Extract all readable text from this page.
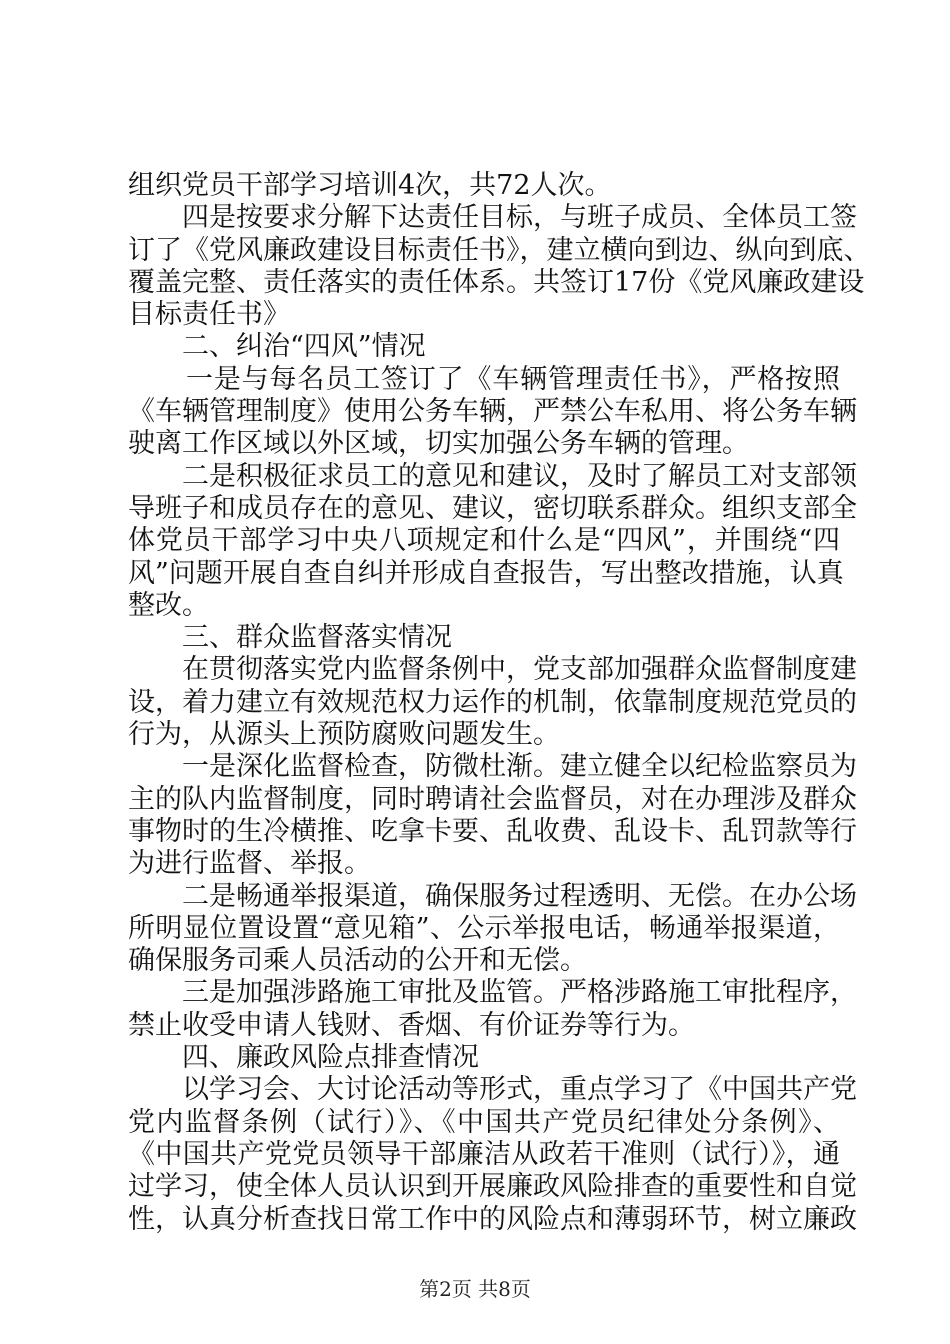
组织党员干部学习培训4次，共72人次。
四是按要求分解下达责任目标，与班子成员、全体员工签
订了《党风廉政建设目标责任书》，建立横向到边、纵向到底、
覆盖完整、责任落实的责任体系。共签订17份《党风廉政建设
目标责任书》
二、纠治“四风”情况
一是与每名员工签订了《车辆管理责任书》，严格按照
《车辆管理制度》使用公务车辆，严禁公车私用、将公务车辆
驶离工作区域以外区域，切实加强公务车辆的管理。
二是积极征求员工的意见和建议，及时了解员工对支部领
导班子和成员存在的意见、建议，密切联系群众。组织支部全
体党员干部学习中央八项规定和什么是“四风”，并围绕“四
风”问题开展自查自纠并形成自查报告，写出整改措施，认真
整改。
三、群众监督落实情况
在贯彻落实党内监督条例中，党支部加强群众监督制度建
设，着力建立有效规范权力运作的机制，依靠制度规范党员的
行为，从源头上预防腐败问题发生。
一是深化监督检查，防微杜渐。建立健全以纪检监察员为
主的队内监督制度，同时聘请社会监督员，对在办理涉及群众
事物时的生冷横推、吃拿卡要、乱收费、乱设卡、乱罚款等行
为进行监督、举报。
二是畅通举报渠道，确保服务过程透明、无偿。在办公场
所明显位置设置“意见箱”、公示举报电话，畅通举报渠道，
确保服务司乘人员活动的公开和无偿。
三是加强涉路施工审批及监管。严格涉路施工审批程序，
禁止收受申请人钱财、香烟、有价证券等行为。
四、廉政风险点排查情况
以学习会、大讨论活动等形式，重点学习了《中国共产党
党内监督条例（试行）》、《中国共产党员纪律处分条例》、
《中国共产党党员领导干部廉洁从政若干准则（试行）》，通
过学习，使全体人员认识到开展廉政风险排查的重要性和自觉
性，认真分析查找日常工作中的风险点和薄弱环节，树立廉政
第2页 共8页
